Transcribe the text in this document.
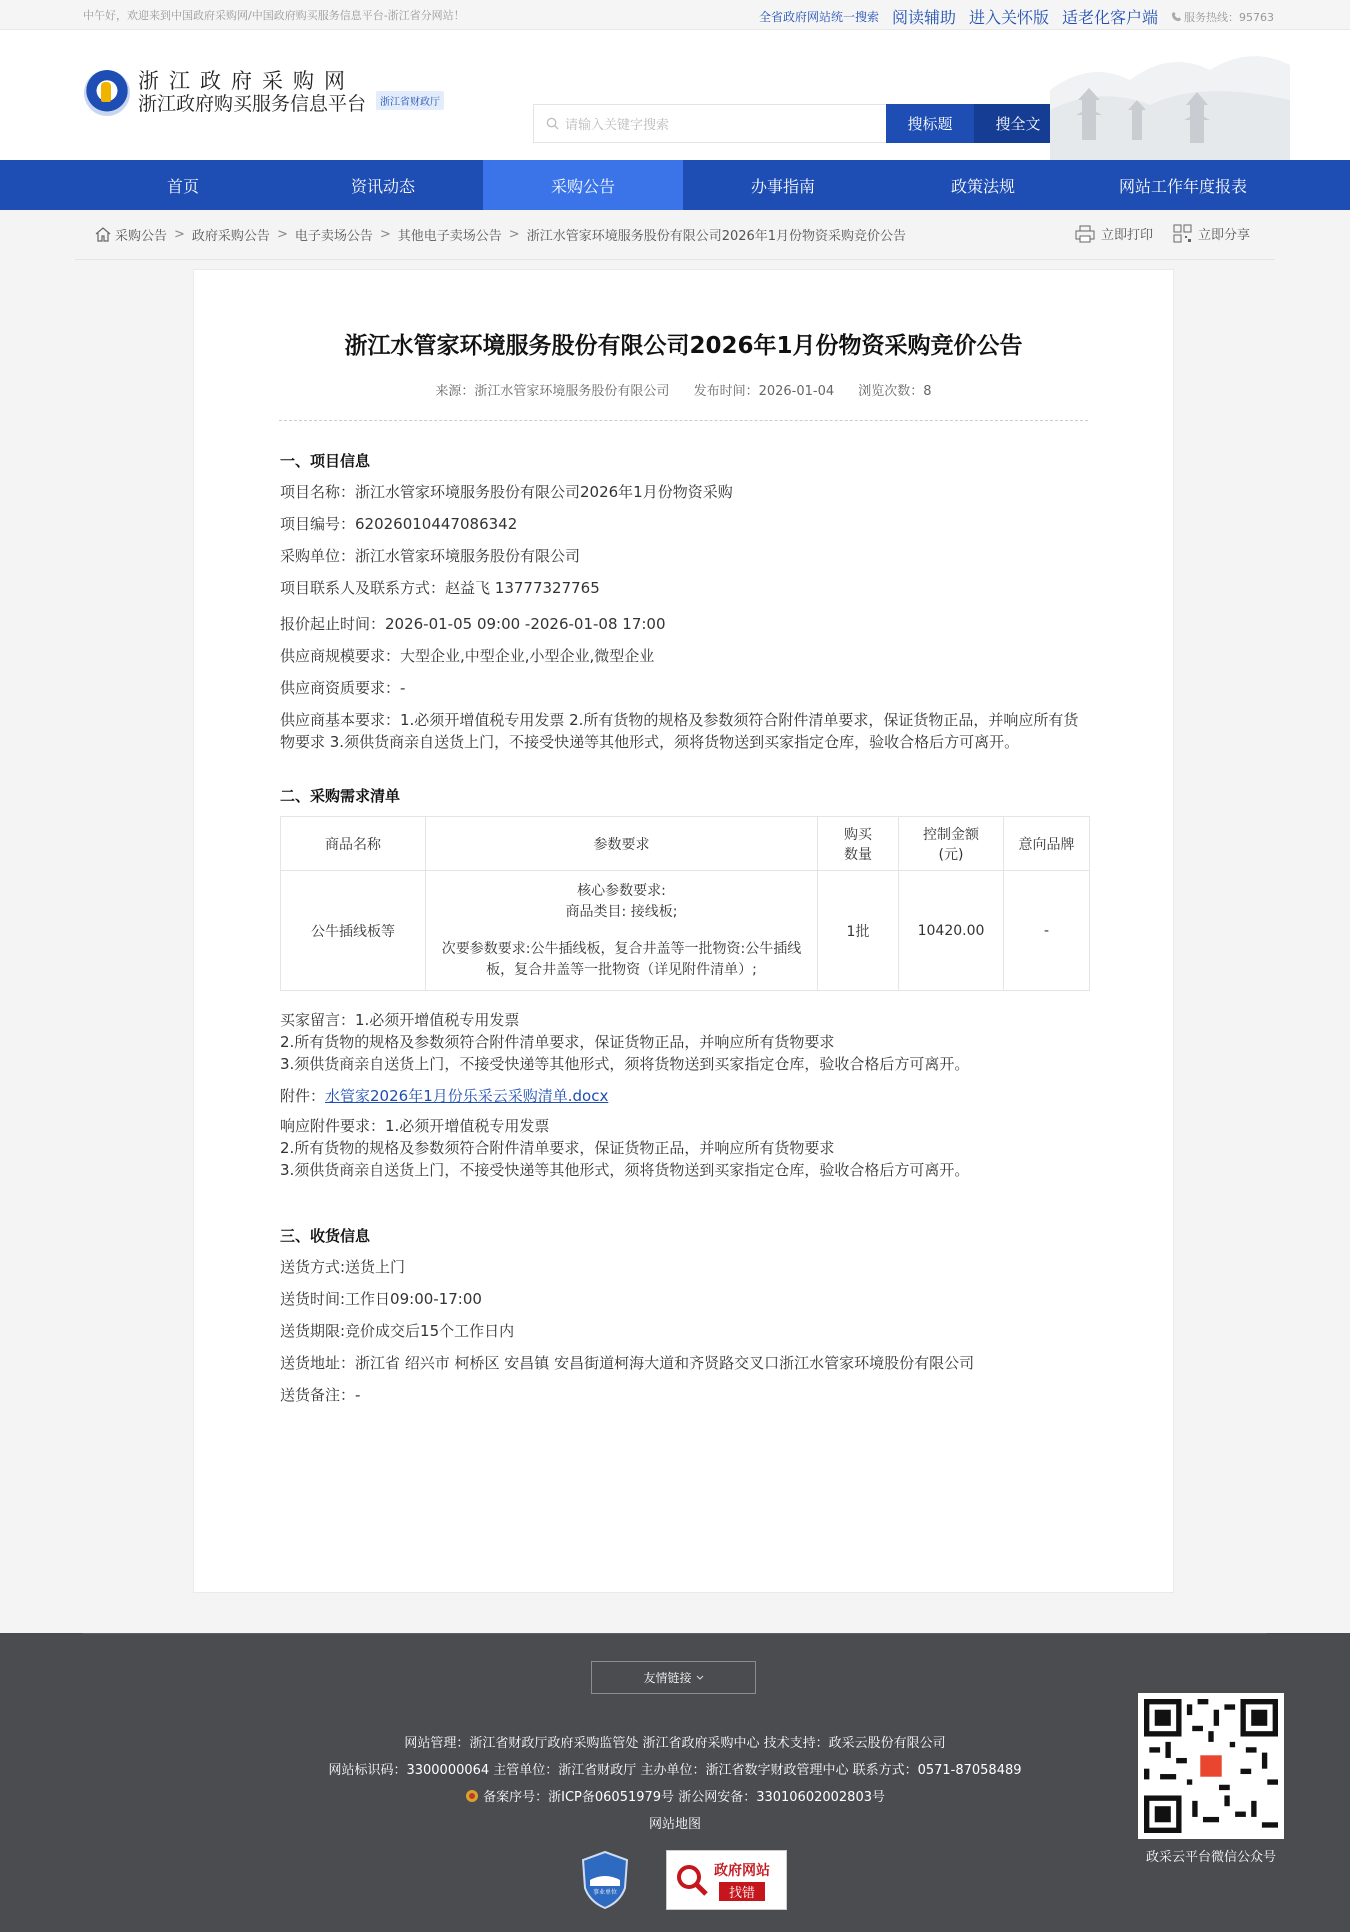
中午好，欢迎来到中国政府采购网/中国政府购买服务信息平台-浙江省分网站！	全省政府网站统一搜索 阅读辅助 进入关怀版 适老化客户端 服务热线：95763
浙江政府采购网
浙江政府购买服务信息平台	浙江省财政厅
请输入关键字搜索	搜标题	搜全文
首页	资讯动态	采购公告	办事指南	政策法规	网站工作年度报表
采购公告 > 政府采购公告 > 电子卖场公告 > 其他电子卖场公告 > 浙江水管家环境服务股份有限公司2026年1月份物资采购竞价公告	立即打印	立即分享
浙江水管家环境服务股份有限公司2026年1月份物资采购竞价公告
来源：浙江水管家环境服务股份有限公司 发布时间：2026-01-04 浏览次数：8
一、项目信息
项目名称：浙江水管家环境服务股份有限公司2026年1月份物资采购
项目编号：62026010447086342
采购单位：浙江水管家环境服务股份有限公司
项目联系人及联系方式：赵益飞 13777327765
报价起止时间：2026-01-05 09:00 -2026-01-08 17:00
供应商规模要求：大型企业,中型企业,小型企业,微型企业
供应商资质要求：-
供应商基本要求：1.必须开增值税专用发票 2.所有货物的规格及参数须符合附件清单要求，保证货物正品，并响应所有货物要求 3.须供货商亲自送货上门，不接受快递等其他形式，须将货物送到买家指定仓库，验收合格后方可离开。
二、采购需求清单
商品名称	参数要求	购买数量	控制金额(元)	意向品牌
公牛插线板等	核心参数要求:
商品类目: 接线板;
次要参数要求:公牛插线板，复合井盖等一批物资:公牛插线板，复合井盖等一批物资（详见附件清单）;	1批	10420.00	-
买家留言：1.必须开增值税专用发票
2.所有货物的规格及参数须符合附件清单要求，保证货物正品，并响应所有货物要求
3.须供货商亲自送货上门，不接受快递等其他形式，须将货物送到买家指定仓库，验收合格后方可离开。
附件：水管家2026年1月份乐采云采购清单.docx
响应附件要求：1.必须开增值税专用发票
2.所有货物的规格及参数须符合附件清单要求，保证货物正品，并响应所有货物要求
3.须供货商亲自送货上门，不接受快递等其他形式，须将货物送到买家指定仓库，验收合格后方可离开。
三、收货信息
送货方式:送货上门
送货时间:工作日09:00-17:00
送货期限:竞价成交后15个工作日内
送货地址：浙江省 绍兴市 柯桥区 安昌镇 安昌街道柯海大道和齐贤路交叉口浙江水管家环境股份有限公司
送货备注：-
友情链接
网站管理：浙江省财政厅政府采购监管处 浙江省政府采购中心 技术支持：政采云股份有限公司
网站标识码：3300000064 主管单位：浙江省财政厅 主办单位：浙江省数字财政管理中心 联系方式：0571-87058489
备案序号：浙ICP备06051979号 浙公网安备：33010602002803号
网站地图
政采云平台微信公众号
事业单位
政府网站
找错
